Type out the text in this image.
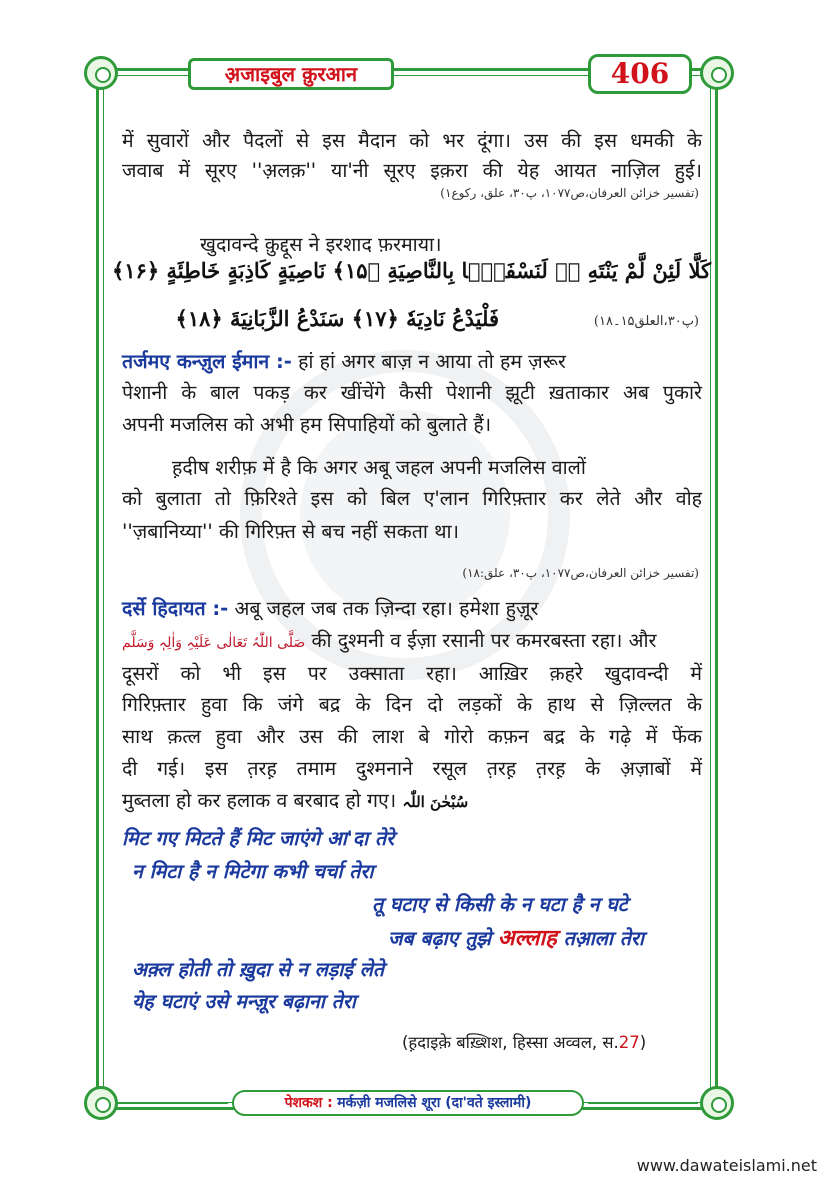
अ़जाइबुल कु़रआन	406
में सुवारों और पैदलों से इस मैदान को भर दूंगा। उस की इस धमकी के
जवाब में सूरए ''अ़लक़'' या'नी सूरए इक़रा की येह आयत नाज़िल हुई।
(تفسیر خزائن العرفان،ص۱۰۷۷، پ۳۰، علق، رکوع۱)
खुदावन्दे कु़द्दूस ने इरशाद फ़रमाया।
كَلَّا لَئِنْ لَّمْ یَنْتَهِ ۬ۙ لَنَسْفَعًۢا بِالنَّاصِیَةِ ﴿۱۵﴾ نَاصِیَةٍ كَاذِبَةٍ خَاطِئَةٍ ﴿۱۶﴾
فَلْیَدْعُ نَادِیَهٗ ﴿۱۷﴾ سَنَدْعُ الزَّبَانِیَةَ ﴿۱۸﴾	(پ۳۰،العلق۱۵۔۱۸)
तर्जमए कन्ज़ुल ईमान :- हां हां अगर बाज़ न आया तो हम ज़रूर
पेशानी के बाल पकड़ कर खींचेंगे कैसी पेशानी झूटी ख़ताकार अब पुकारे
अपनी मजलिस को अभी हम सिपाहियों को बुलाते हैं।
ह़दीष शरीफ़ में है कि अगर अबू जहल अपनी मजलिस वालों
को बुलाता तो फ़िरिश्ते इस को बिल ए'लान गिरिफ़्तार कर लेते और वोह
''ज़बानिय्या'' की गिरिफ़्त से बच नहीं सकता था।
(تفسیر خزائن العرفان،ص۱۰۷۷، پ۳۰، علق:۱۸)
दर्से हिदायत :- अबू जहल जब तक ज़िन्दा रहा। हमेशा हुज़ूर
صَلَّی اللّٰہُ تَعَالٰی عَلَیْہِ وَاٰلِہٖ وَسَلَّم की दुश्मनी व ईज़ा रसानी पर कमरबस्ता रहा। और
दूसरों को भी इस पर उक्साता रहा। आख़िर क़हरे खुदावन्दी में
गिरिफ़्तार हुवा कि जंगे बद्र के दिन दो लड़कों के हाथ से ज़िल्लत के
साथ क़त्ल हुवा और उस की लाश बे गोरो कफ़न बद्र के गढ़े में फेंक
दी गई। इस त़रह़ तमाम दुश्मनाने रसूल त़रह़ त़रह़ के अ़ज़ाबों में
मुब्तला हो कर हलाक व बरबाद हो गए। سُبْحٰنَ اللّٰہ
मिट गए मिटते हैं मिट जाएंगे आ'दा तेरे
न मिटा है न मिटेगा कभी चर्चा तेरा
तू घटाए से किसी के न घटा है न घटे
जब बढ़ाए तुझे अल्लाह तआ़ला तेरा
अक़्ल होती तो ख़ुदा से न लड़ाई लेते
येह घटाएं उसे मन्ज़ूर बढ़ाना तेरा
(ह़दाइक़े बख़्शिश, हिस्सा अव्वल, स.27)
पेशकश : मर्कज़ी मजलिसे शूरा (दा'वते इस्लामी)
www.dawateislami.net
